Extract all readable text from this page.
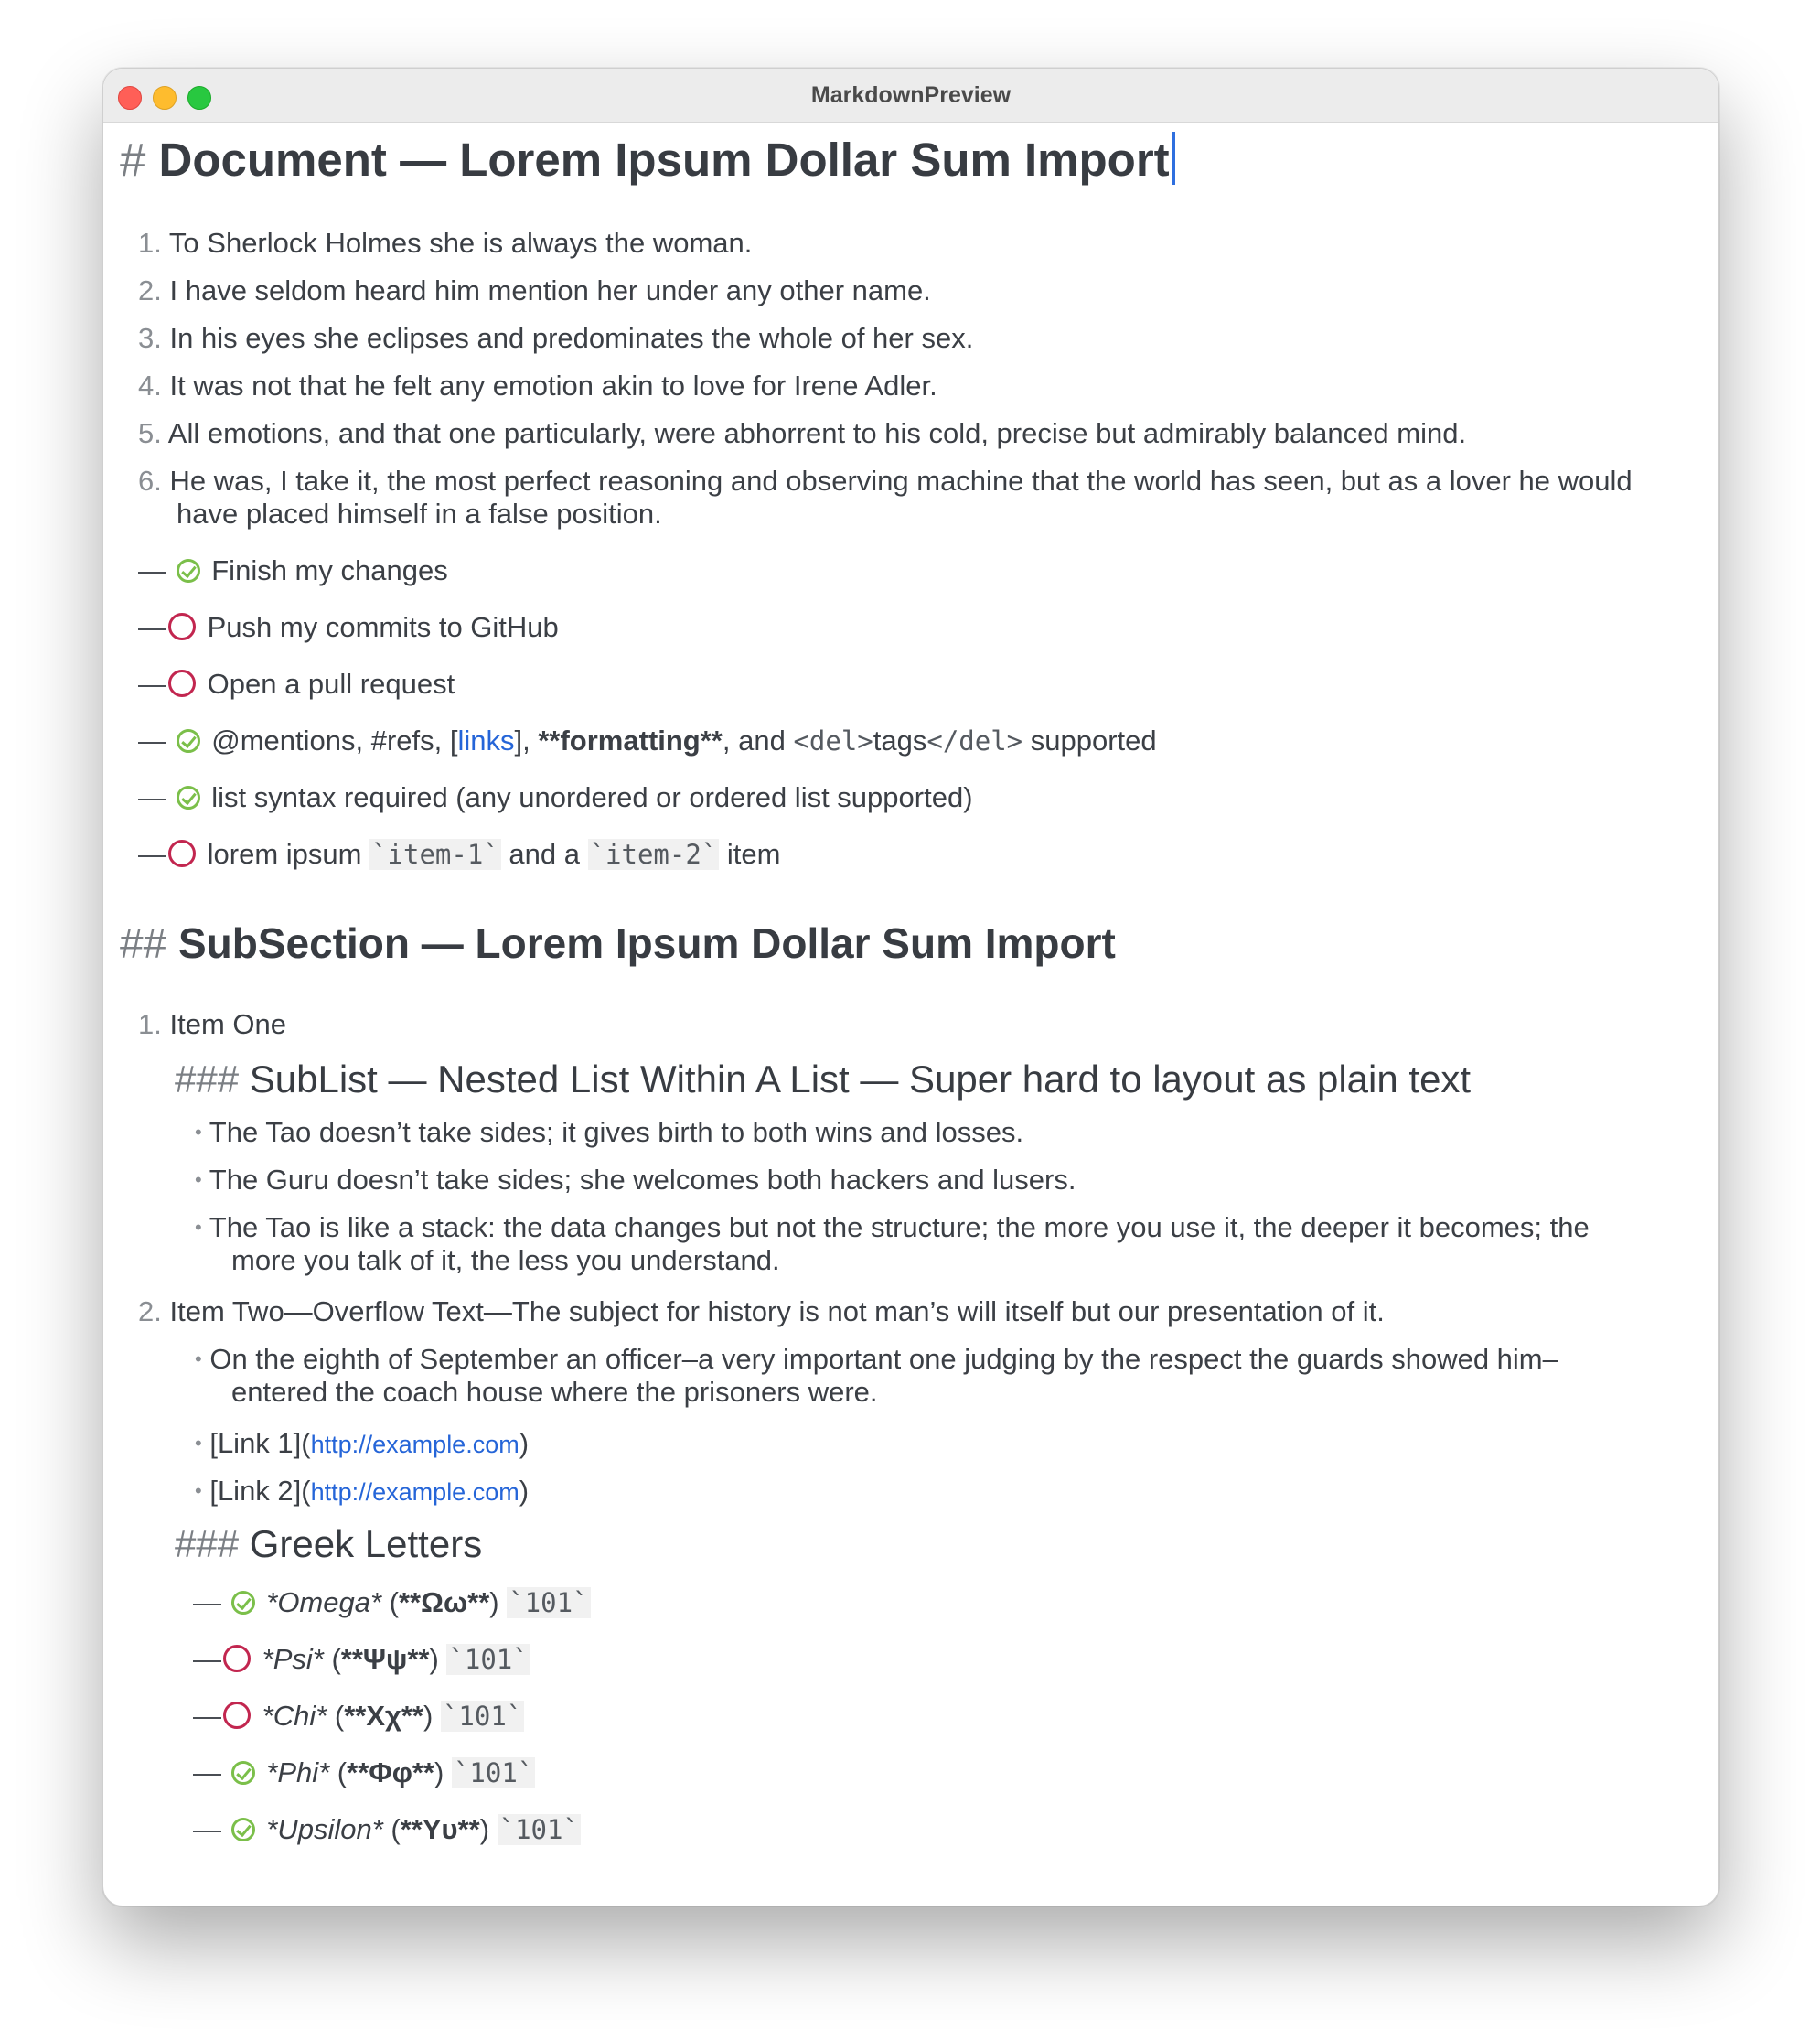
MarkdownPreview
# Document — Lorem Ipsum Dollar Sum Import
1. To Sherlock Holmes she is always the woman.
2. I have seldom heard him mention her under any other name.
3. In his eyes she eclipses and predominates the whole of her sex.
4. It was not that he felt any emotion akin to love for Irene Adler.
5. All emotions, and that one particularly, were abhorrent to his cold, precise but admirably balanced mind.
6. He was, I take it, the most perfect reasoning and observing machine that the world has seen, but as a lover he would
have placed himself in a false position.
— Finish my changes
— Push my commits to GitHub
— Open a pull request
— @mentions, #refs, [links], **formatting**, and <del>tags</del> supported
— list syntax required (any unordered or ordered list supported)
— lorem ipsum `item-1` and a `item-2` item
## SubSection — Lorem Ipsum Dollar Sum Import
1. Item One
### SubList — Nested List Within A List — Super hard to layout as plain text
• The Tao doesn’t take sides; it gives birth to both wins and losses.
• The Guru doesn’t take sides; she welcomes both hackers and lusers.
• The Tao is like a stack: the data changes but not the structure; the more you use it, the deeper it becomes; the
more you talk of it, the less you understand.
2. Item Two—Overflow Text—The subject for history is not man’s will itself but our presentation of it.
• On the eighth of September an officer–a very important one judging by the respect the guards showed him–
entered the coach house where the prisoners were.
• [Link 1](http://example.com)
• [Link 2](http://example.com)
### Greek Letters
— *Omega* (**Ωω**) `101`
— *Psi* (**Ψψ**) `101`
— *Chi* (**Χχ**) `101`
— *Phi* (**Φφ**) `101`
— *Upsilon* (**Υυ**) `101`
